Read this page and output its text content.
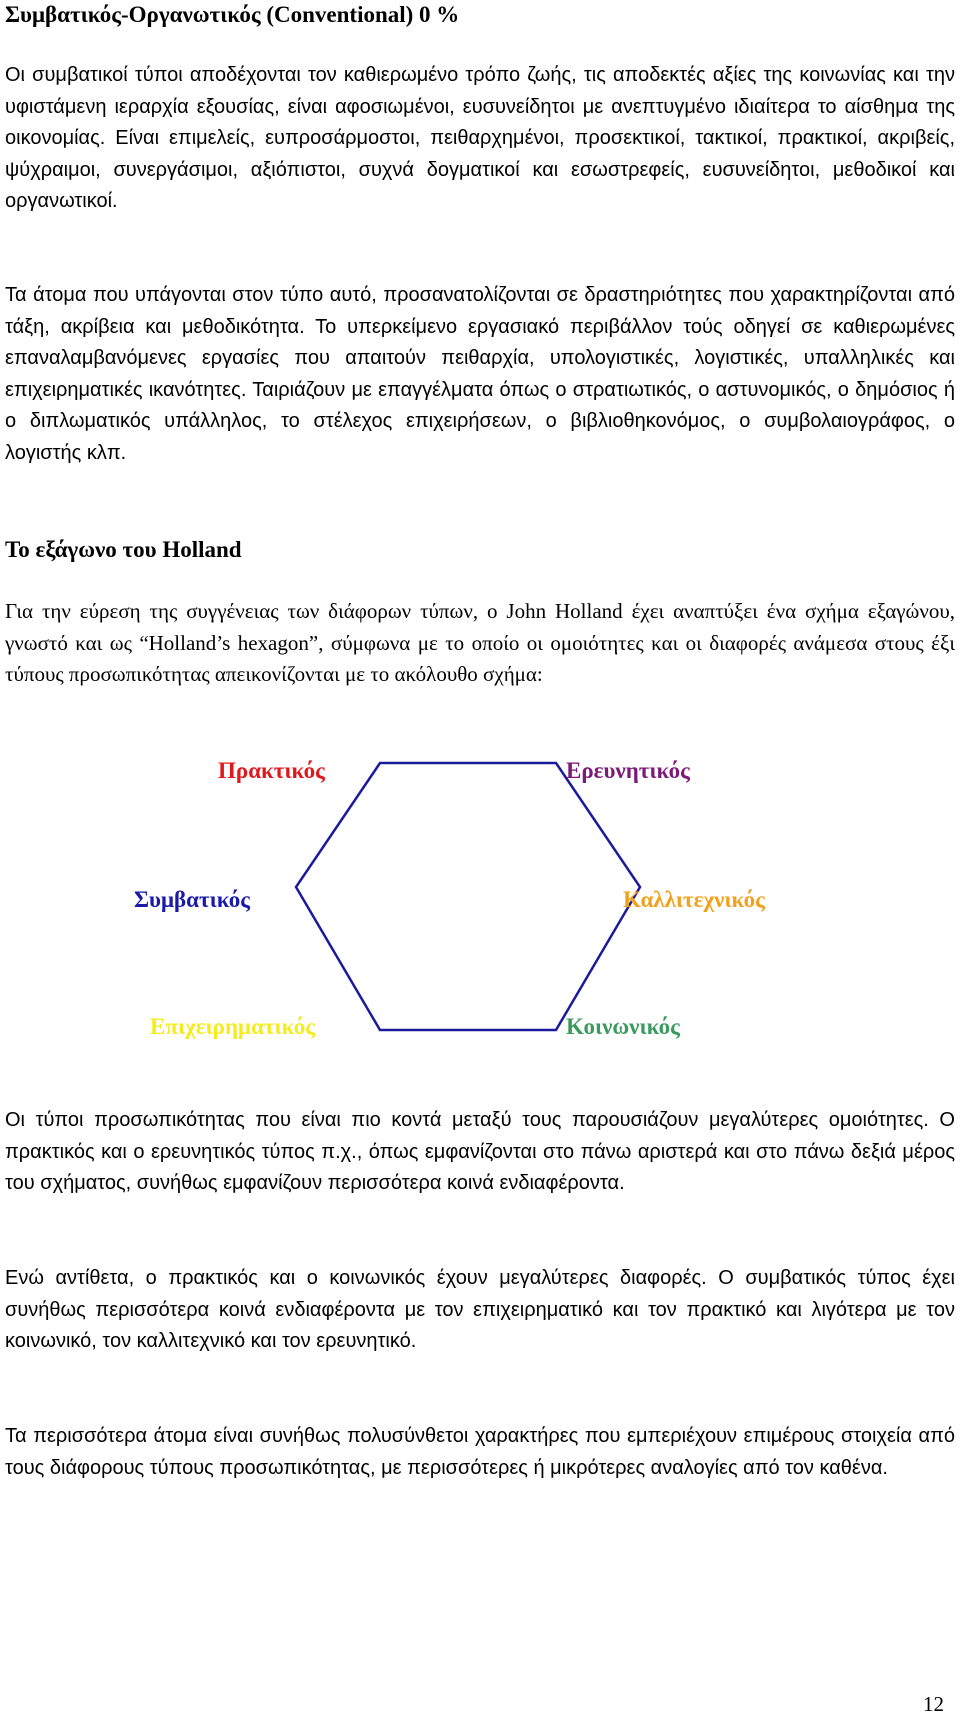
Συμβατικός-Οργανωτικός (Conventional) 0 %
Οι συμβατικοί τύποι αποδέχονται τον καθιερωμένο τρόπο ζωής, τις αποδεκτές αξίες της κοινωνίας και την υφιστάμενη ιεραρχία εξουσίας, είναι αφοσιωμένοι, ευσυνείδητοι με ανεπτυγμένο ιδιαίτερα το αίσθημα της οικονομίας. Είναι επιμελείς, ευπροσάρμοστοι, πειθαρχημένοι, προσεκτικοί, τακτικοί, πρακτικοί, ακριβείς, ψύχραιμοι, συνεργάσιμοι, αξιόπιστοι, συχνά δογματικοί και εσωστρεφείς, ευσυνείδητοι, μεθοδικοί και οργανωτικοί.
Τα άτομα που υπάγονται στον τύπο αυτό, προσανατολίζονται σε δραστηριότητες που χαρακτηρίζονται από τάξη, ακρίβεια και μεθοδικότητα. Το υπερκείμενο εργασιακό περιβάλλον τούς οδηγεί σε καθιερωμένες επαναλαμβανόμενες εργασίες που απαιτούν πειθαρχία, υπολογιστικές, λογιστικές, υπαλληλικές και επιχειρηματικές ικανότητες. Ταιριάζουν με επαγγέλματα όπως ο στρατιωτικός, ο αστυνομικός, ο δημόσιος ή ο διπλωματικός υπάλληλος, το στέλεχος επιχειρήσεων, ο βιβλιοθηκονόμος, ο συμβολαιογράφος, ο λογιστής κλπ.
Το εξάγωνο του Holland
Για την εύρεση της συγγένειας των διάφορων τύπων, ο John Holland έχει αναπτύξει ένα σχήμα εξαγώνου, γνωστό και ως “Holland’s hexagon”, σύμφωνα με το οποίο οι ομοιότητες και οι διαφορές ανάμεσα στους έξι τύπους προσωπικότητας απεικονίζονται με το ακόλουθο σχήμα:
Πρακτικός	Ερευνητικός
Συμβατικός	Καλλιτεχνικός
Επιχειρηματικός	Κοινωνικός
Οι τύποι προσωπικότητας που είναι πιο κοντά μεταξύ τους παρουσιάζουν μεγαλύτερες ομοιότητες. Ο πρακτικός και ο ερευνητικός τύπος π.χ., όπως εμφανίζονται στο πάνω αριστερά και στο πάνω δεξιά μέρος του σχήματος, συνήθως εμφανίζουν περισσότερα κοινά ενδιαφέροντα.
Ενώ αντίθετα, ο πρακτικός και ο κοινωνικός έχουν μεγαλύτερες διαφορές. Ο συμβατικός τύπος έχει συνήθως περισσότερα κοινά ενδιαφέροντα με τον επιχειρηματικό και τον πρακτικό και λιγότερα με τον κοινωνικό, τον καλλιτεχνικό και τον ερευνητικό.
Τα περισσότερα άτομα είναι συνήθως πολυσύνθετοι χαρακτήρες που εμπεριέχουν επιμέρους στοιχεία από τους διάφορους τύπους προσωπικότητας, με περισσότερες ή μικρότερες αναλογίες από τον καθένα.
12
